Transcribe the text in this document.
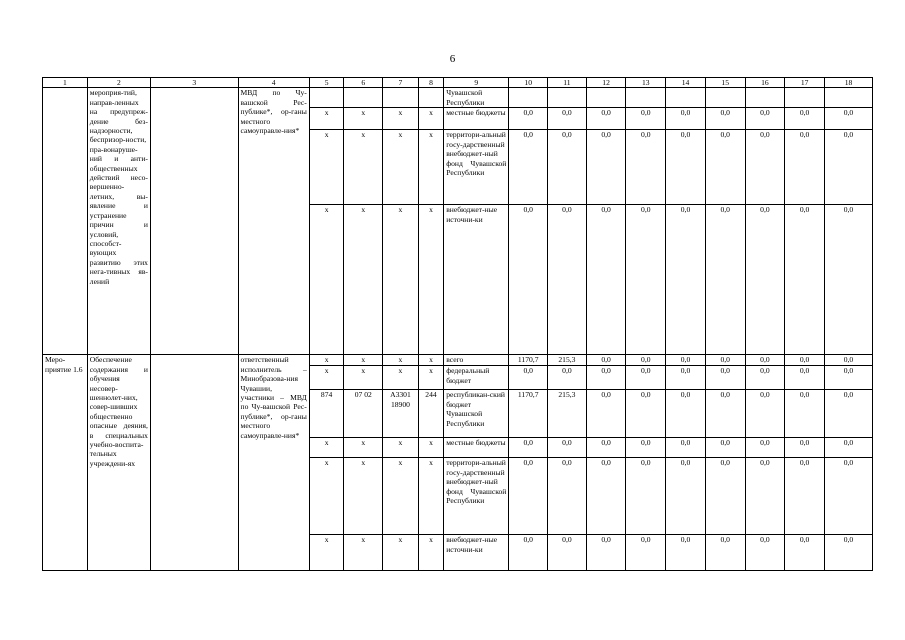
6
1	2	3	4	5	6	7	8	9	10	11	12	13	14	15	16	17	18
	мероприя-тий, направ-ленных на предупреж-дение без-надзорности, беспризор-ности, пра-вонаруше-ний и анти-общественных действий несо-вершенно-летних, вы-явление и устранение причин и условий, способст-вующих развитию этих нега-тивных яв-лений		МВД по Чу-вашской Рес-публике*, ор-ганы местного самоуправле-ния*					Чувашской Республики									
				x	x	x	x	местные бюджеты	0,0	0,0	0,0	0,0	0,0	0,0	0,0	0,0	0,0
				x	x	x	x	территори-альный госу-дарственный внебюджет-ный фонд Чувашской Республики	0,0	0,0	0,0	0,0	0,0	0,0	0,0	0,0	0,0
				x	x	x	x	внебюджет-ные источни-ки	0,0	0,0	0,0	0,0	0,0	0,0	0,0	0,0	0,0
Меро-приятие 1.6	Обеспечение содержания и обучения несовер-шеннолет-них, совер-шивших общественно опасные деяния, в специальных учебно-воспита-тельных учреждени-ях		ответственный исполнитель – Минобразова-ния Чувашии, участники – МВД по Чу-вашской Рес-публике*, ор-ганы местного самоуправле-ния*	x	x	x	x	всего	1170,7	215,3	0,0	0,0	0,0	0,0	0,0	0,0	0,0
				x	x	x	x	федеральный бюджет	0,0	0,0	0,0	0,0	0,0	0,0	0,0	0,0	0,0
				874	07 02	А3301 18900	244	республикан-ский бюджет Чувашской Республики	1170,7	215,3	0,0	0,0	0,0	0,0	0,0	0,0	0,0
				x	x	x	x	местные бюджеты	0,0	0,0	0,0	0,0	0,0	0,0	0,0	0,0	0,0
				x	x	x	x	территори-альный госу-дарственный внебюджет-ный фонд Чувашской Республики	0,0	0,0	0,0	0,0	0,0	0,0	0,0	0,0	0,0
				x	x	x	x	внебюджет-ные источни-ки	0,0	0,0	0,0	0,0	0,0	0,0	0,0	0,0	0,0
